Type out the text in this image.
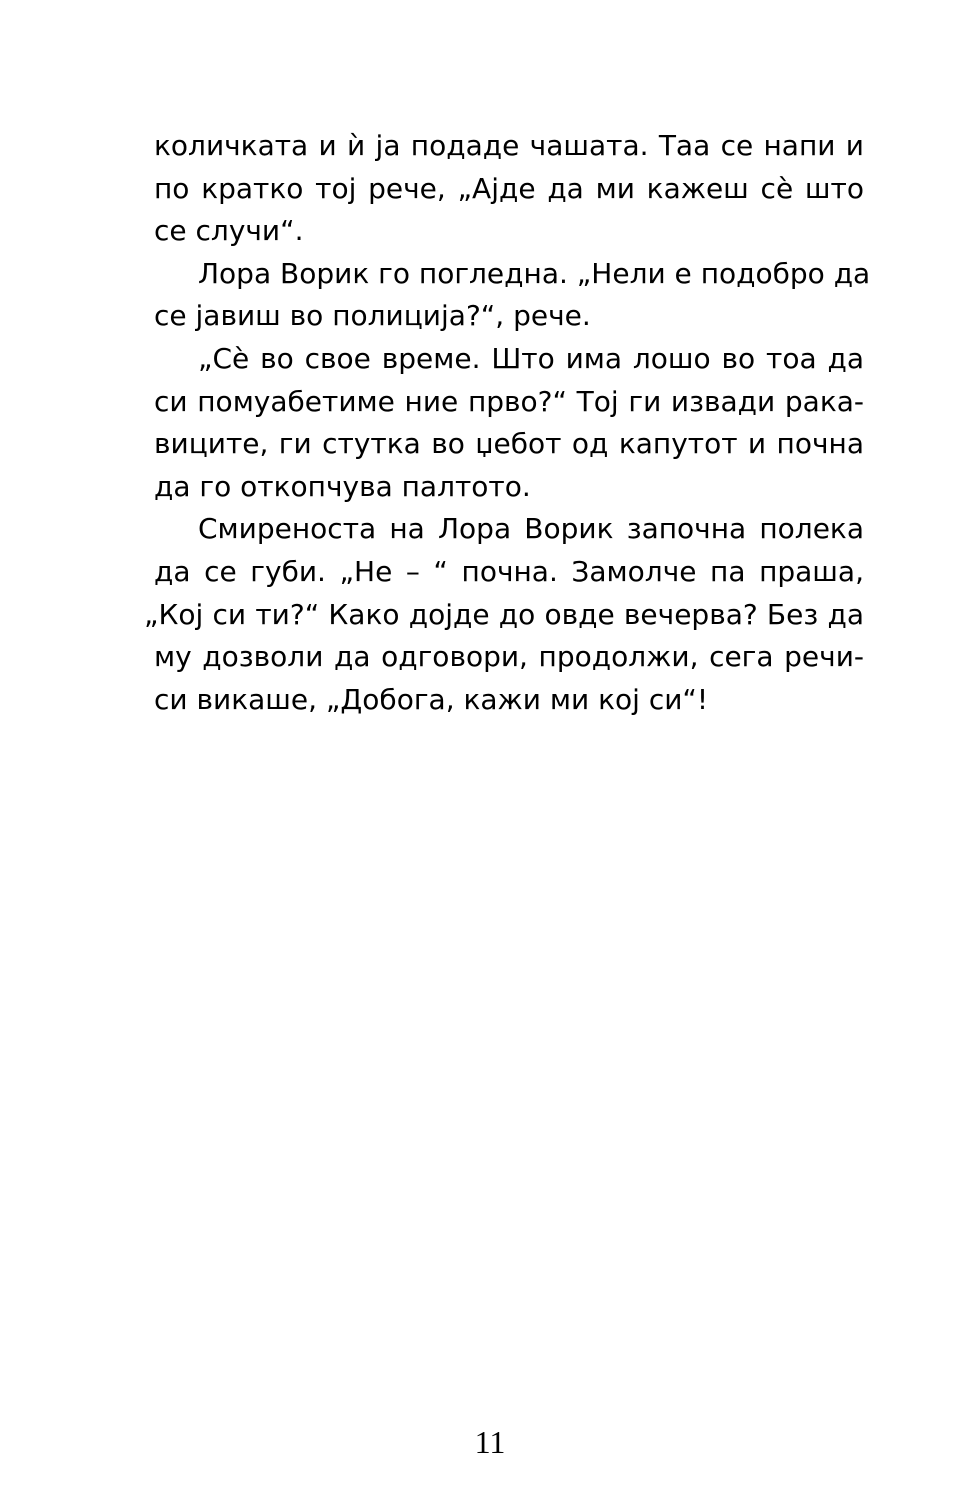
количката и ѝ ја подаде чашата. Таа се напи и
по кратко тој рече, „Ајде да ми кажеш сѐ што
се случи“.
Лора Ворик го погледна. „Нели е подобро да
се јавиш во полиција?“, рече.
„Сѐ во свое време. Што има лошо во тоа да
си помуабетиме ние прво?“ Тој ги извади рака-
виците, ги стутка во џебот од капутот и почна
да го откопчува палтото.
Смиреноста на Лора Ворик започна полека
да се губи. „Не – “ почна. Замолче па праша,
„Кој си ти?“ Како дојде до овде вечерва? Без да
му дозволи да одговори, продолжи, сега речи-
си викаше, „Добога, кажи ми кој си“!
11
